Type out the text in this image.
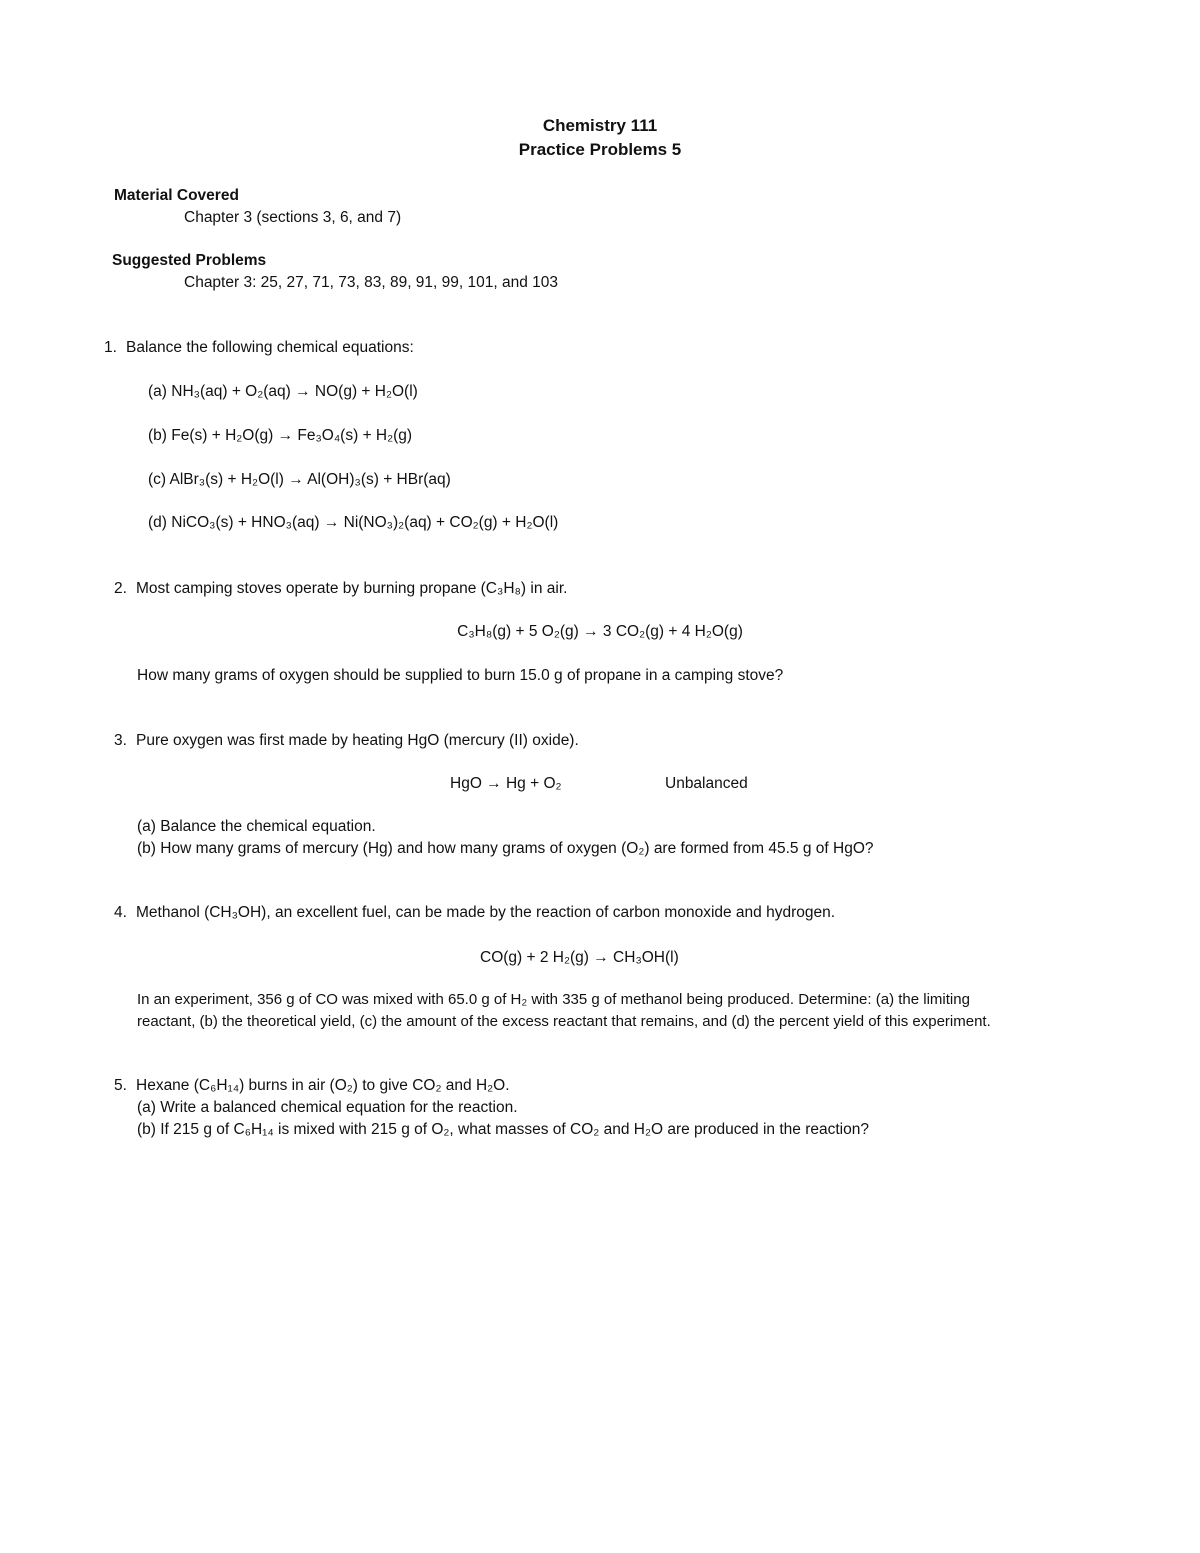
Chemistry 111
Practice Problems 5
Material Covered
Chapter 3 (sections 3, 6, and 7)
Suggested Problems
Chapter 3: 25, 27, 71, 73, 83, 89, 91, 99, 101, and 103
1. Balance the following chemical equations:
(a) NH₃(aq) + O₂(aq) → NO(g) + H₂O(l)
(b) Fe(s) + H₂O(g) → Fe₃O₄(s) + H₂(g)
(c) AlBr₃(s) + H₂O(l) → Al(OH)₃(s) + HBr(aq)
(d) NiCO₃(s) + HNO₃(aq) → Ni(NO₃)₂(aq) + CO₂(g) + H₂O(l)
2. Most camping stoves operate by burning propane (C₃H₈) in air.
C₃H₈(g) + 5 O₂(g) → 3 CO₂(g) + 4 H₂O(g)
How many grams of oxygen should be supplied to burn 15.0 g of propane in a camping stove?
3. Pure oxygen was first made by heating HgO (mercury (II) oxide).
HgO → Hg + O₂	Unbalanced
(a) Balance the chemical equation.
(b) How many grams of mercury (Hg) and how many grams of oxygen (O₂) are formed from 45.5 g of HgO?
4. Methanol (CH₃OH), an excellent fuel, can be made by the reaction of carbon monoxide and hydrogen.
CO(g) + 2 H₂(g) → CH₃OH(l)
In an experiment, 356 g of CO was mixed with 65.0 g of H₂ with 335 g of methanol being produced. Determine: (a) the limiting
reactant, (b) the theoretical yield, (c) the amount of the excess reactant that remains, and (d) the percent yield of this experiment.
5. Hexane (C₆H₁₄) burns in air (O₂) to give CO₂ and H₂O.
(a) Write a balanced chemical equation for the reaction.
(b) If 215 g of C₆H₁₄ is mixed with 215 g of O₂, what masses of CO₂ and H₂O are produced in the reaction?
